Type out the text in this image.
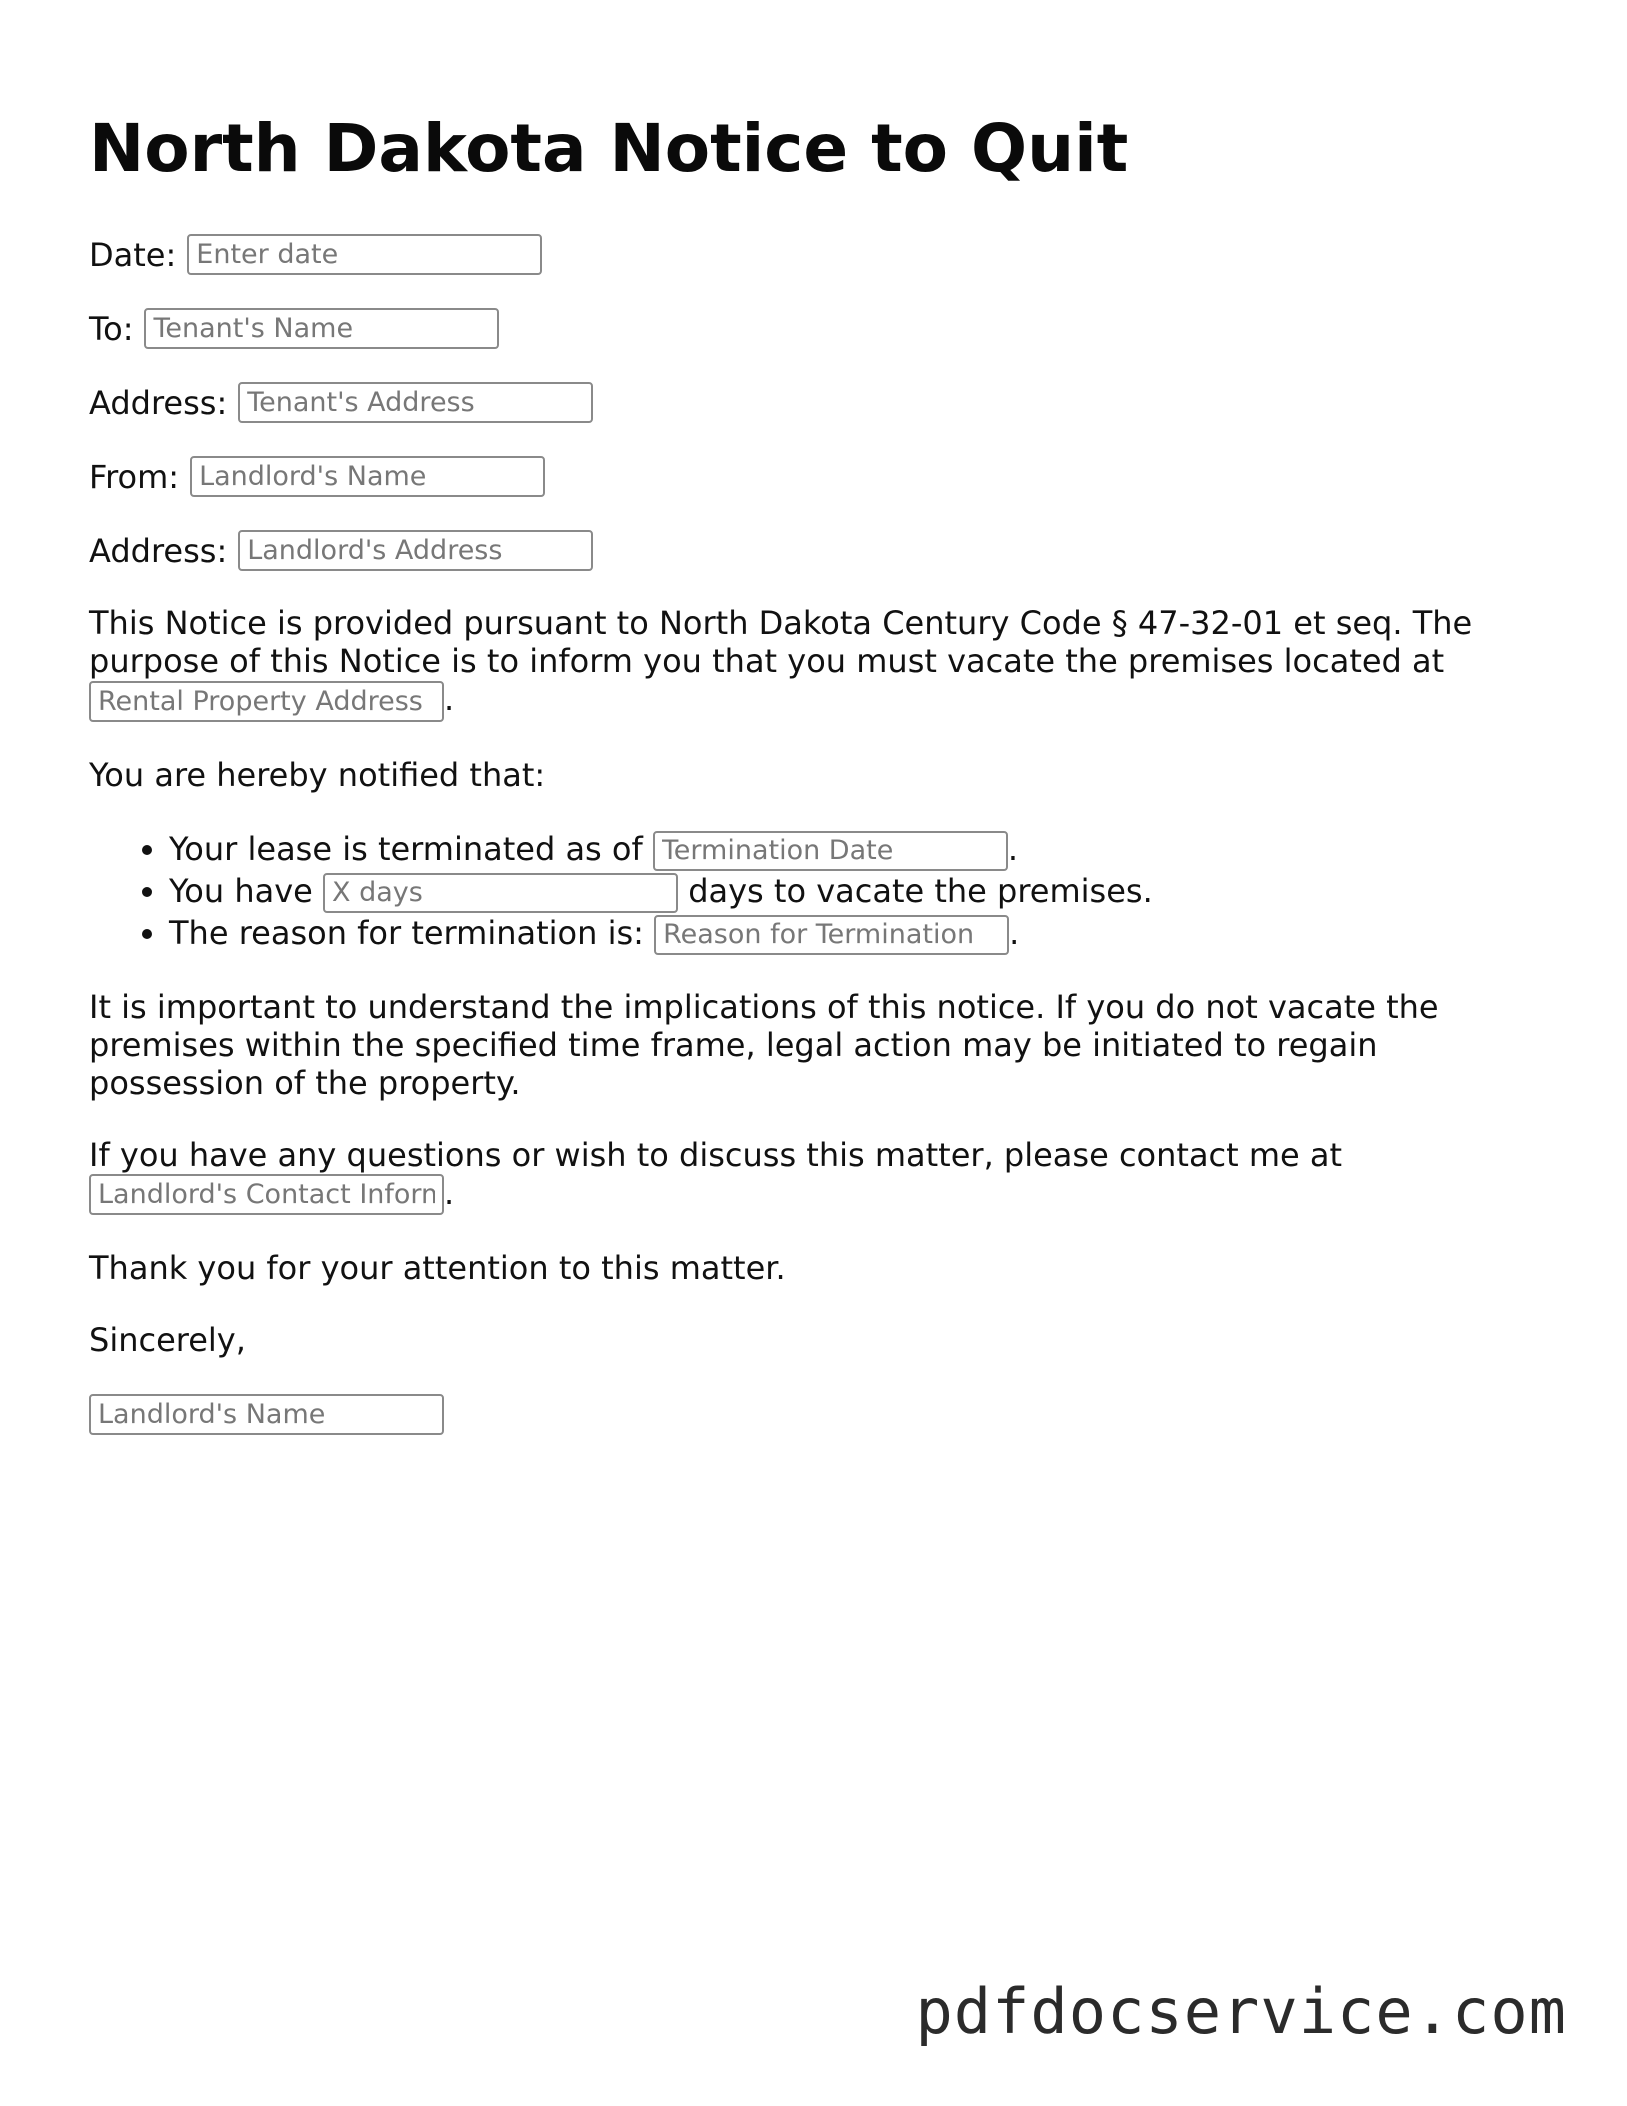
North Dakota Notice to Quit
Date:
Enter date
To:
Tenant's Name
Address:
Tenant's Address
From:
Landlord's Name
Address:
Landlord's Address

This Notice is provided pursuant to North Dakota Century Code § 47-32-01 et seq. The purpose of this Notice is to inform you that you must vacate the premises located at Rental Property Address.

You are hereby notified that:

• Your lease is terminated as of Termination Date	.
• You have X days	days to vacate the premises.
• The reason for termination is: Reason for Termination	.

It is important to understand the implications of this notice. If you do not vacate the premises within the specified time frame, legal action may be initiated to regain possession of the property.

If you have any questions or wish to discuss this matter, please contact me at Landlord's Contact Information.

Thank you for your attention to this matter.

Sincerely,

Landlord's Name
pdfdocservice.com
